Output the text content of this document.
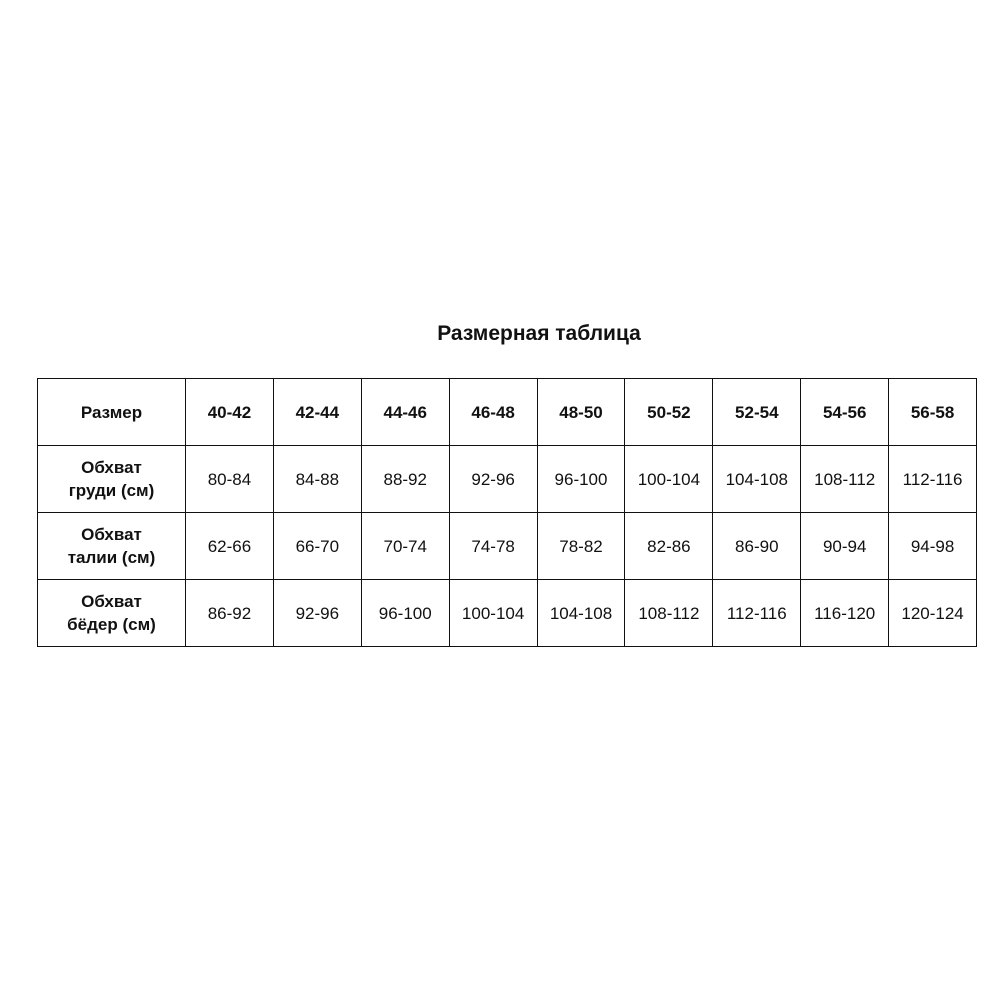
Размерная таблица
Размер	40-42	42-44	44-46	46-48	48-50	50-52	52-54	54-56	56-58

Обхват
груди (см)	80-84	84-88	88-92	92-96	96-100	100-104	104-108	108-112	112-116

Обхват
талии (см)	62-66	66-70	70-74	74-78	78-82	82-86	86-90	90-94	94-98

Обхват
бёдер (см)	86-92	92-96	96-100	100-104	104-108	108-112	112-116	116-120	120-124
